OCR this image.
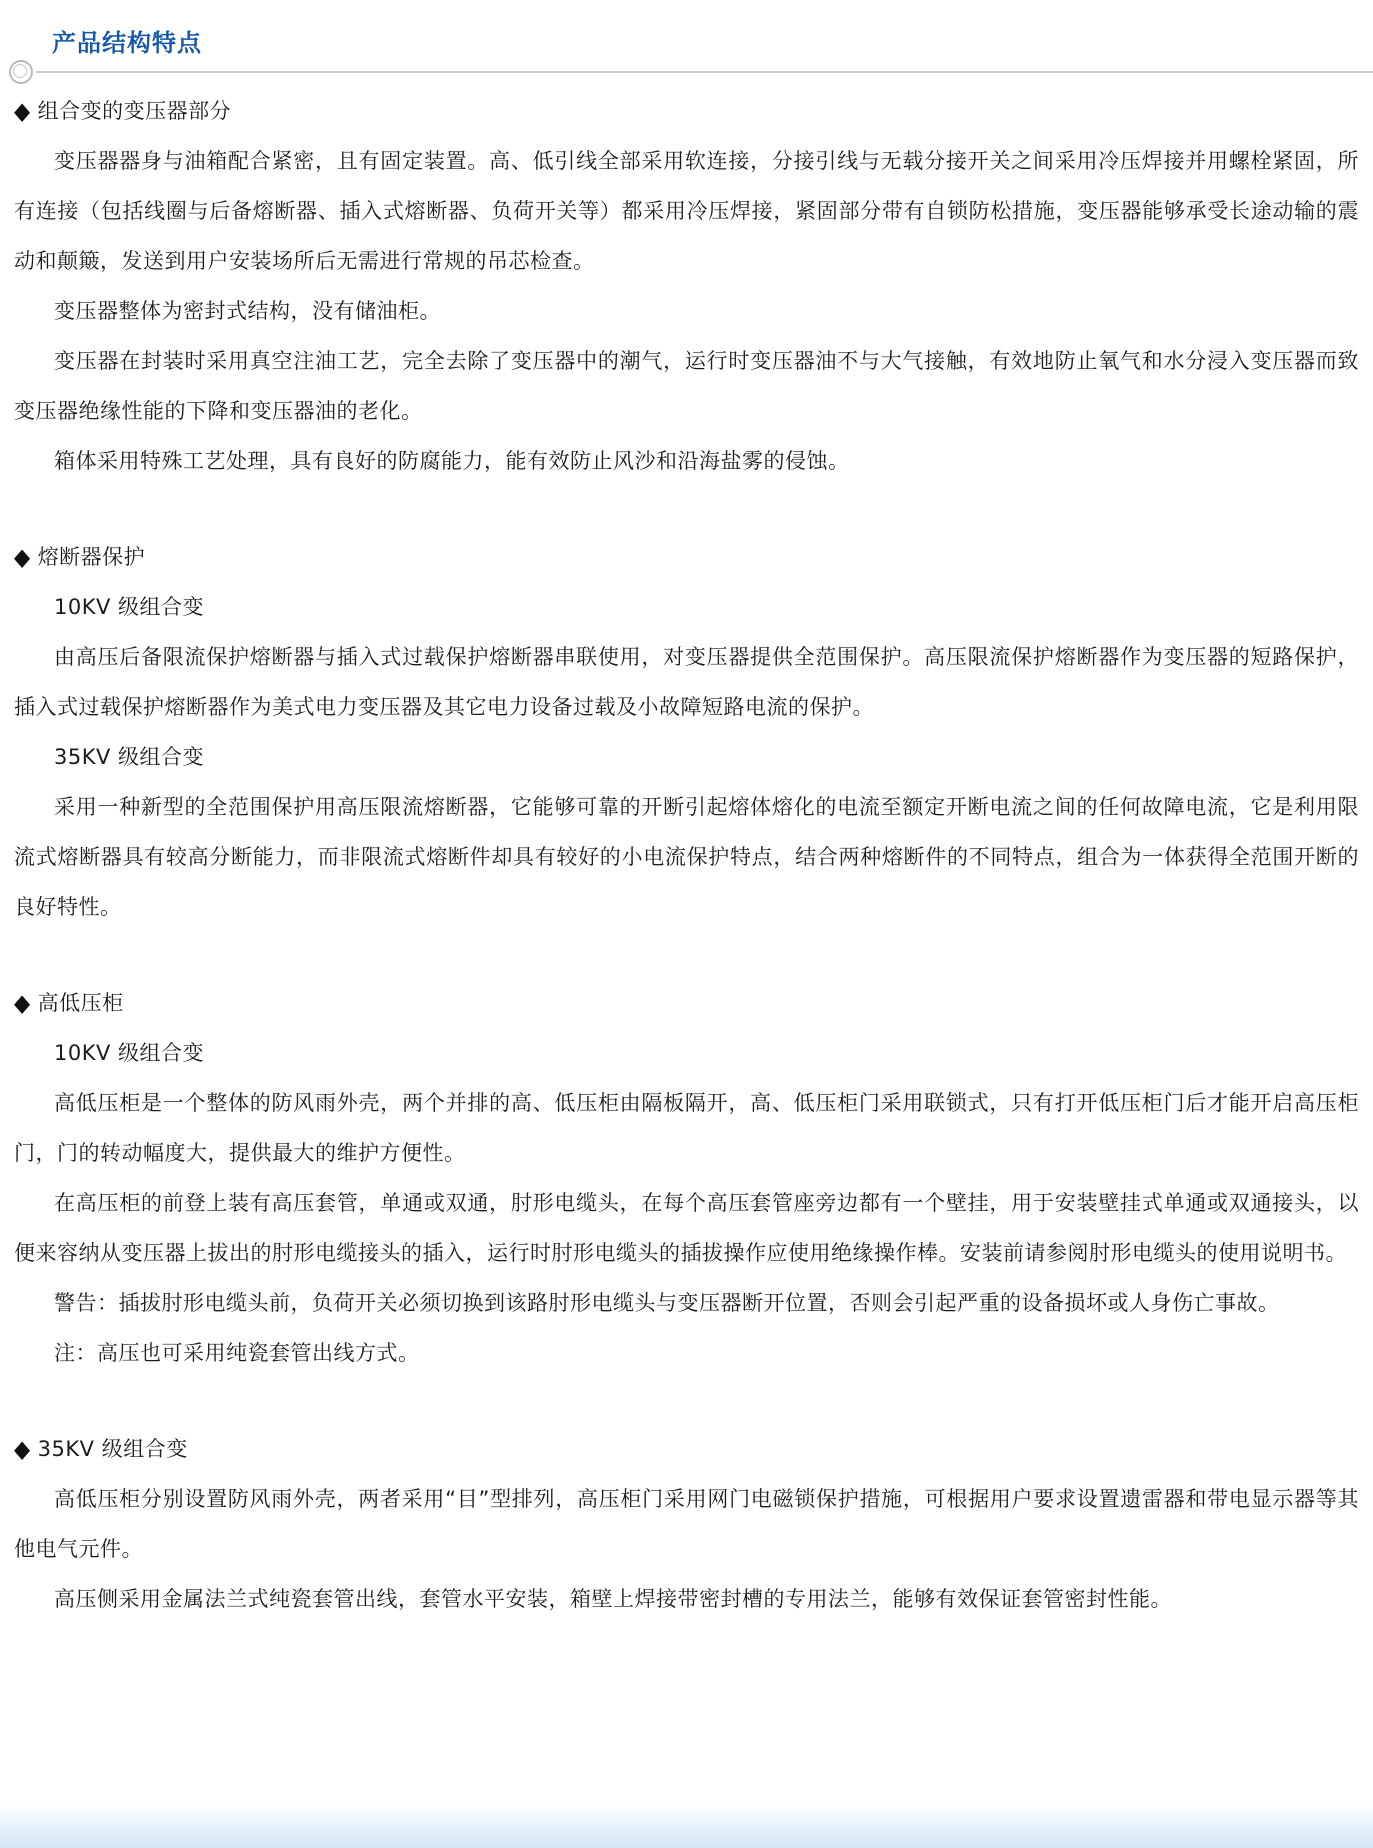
产品结构特点
◆ 组合变的变压器部分

变压器器身与油箱配合紧密，且有固定装置。高、低引线全部采用软连接，分接引线与无载分接开关之间采用冷压焊接并用螺栓紧固，所有连接（包括线圈与后备熔断器、插入式熔断器、负荷开关等）都采用冷压焊接，紧固部分带有自锁防松措施，变压器能够承受长途动输的震动和颠簸，发送到用户安装场所后无需进行常规的吊芯检查。

变压器整体为密封式结构，没有储油柜。

变压器在封装时采用真空注油工艺，完全去除了变压器中的潮气，运行时变压器油不与大气接触，有效地防止氧气和水分浸入变压器而致变压器绝缘性能的下降和变压器油的老化。

箱体采用特殊工艺处理，具有良好的防腐能力，能有效防止风沙和沿海盐雾的侵蚀。

◆ 熔断器保护

10KV 级组合变

由高压后备限流保护熔断器与插入式过载保护熔断器串联使用，对变压器提供全范围保护。高压限流保护熔断器作为变压器的短路保护，插入式过载保护熔断器作为美式电力变压器及其它电力设备过载及小故障短路电流的保护。

35KV 级组合变

采用一种新型的全范围保护用高压限流熔断器，它能够可靠的开断引起熔体熔化的电流至额定开断电流之间的任何故障电流，它是利用限流式熔断器具有较高分断能力，而非限流式熔断件却具有较好的小电流保护特点，结合两种熔断件的不同特点，组合为一体获得全范围开断的良好特性。

◆ 高低压柜

10KV 级组合变

高低压柜是一个整体的防风雨外壳，两个并排的高、低压柜由隔板隔开，高、低压柜门采用联锁式，只有打开低压柜门后才能开启高压柜门，门的转动幅度大，提供最大的维护方便性。

在高压柜的前登上装有高压套管，单通或双通，肘形电缆头，在每个高压套管座旁边都有一个壁挂，用于安装壁挂式单通或双通接头，以便来容纳从变压器上拔出的肘形电缆接头的插入，运行时肘形电缆头的插拔操作应使用绝缘操作棒。安装前请参阅肘形电缆头的使用说明书。

警告：插拔肘形电缆头前，负荷开关必须切换到该路肘形电缆头与变压器断开位置，否则会引起严重的设备损坏或人身伤亡事故。

注：高压也可采用纯瓷套管出线方式。

◆ 35KV 级组合变

高低压柜分别设置防风雨外壳，两者采用“目”型排列，高压柜门采用网门电磁锁保护措施，可根据用户要求设置遗雷器和带电显示器等其他电气元件。

高压侧采用金属法兰式纯瓷套管出线，套管水平安装，箱壁上焊接带密封槽的专用法兰，能够有效保证套管密封性能。
